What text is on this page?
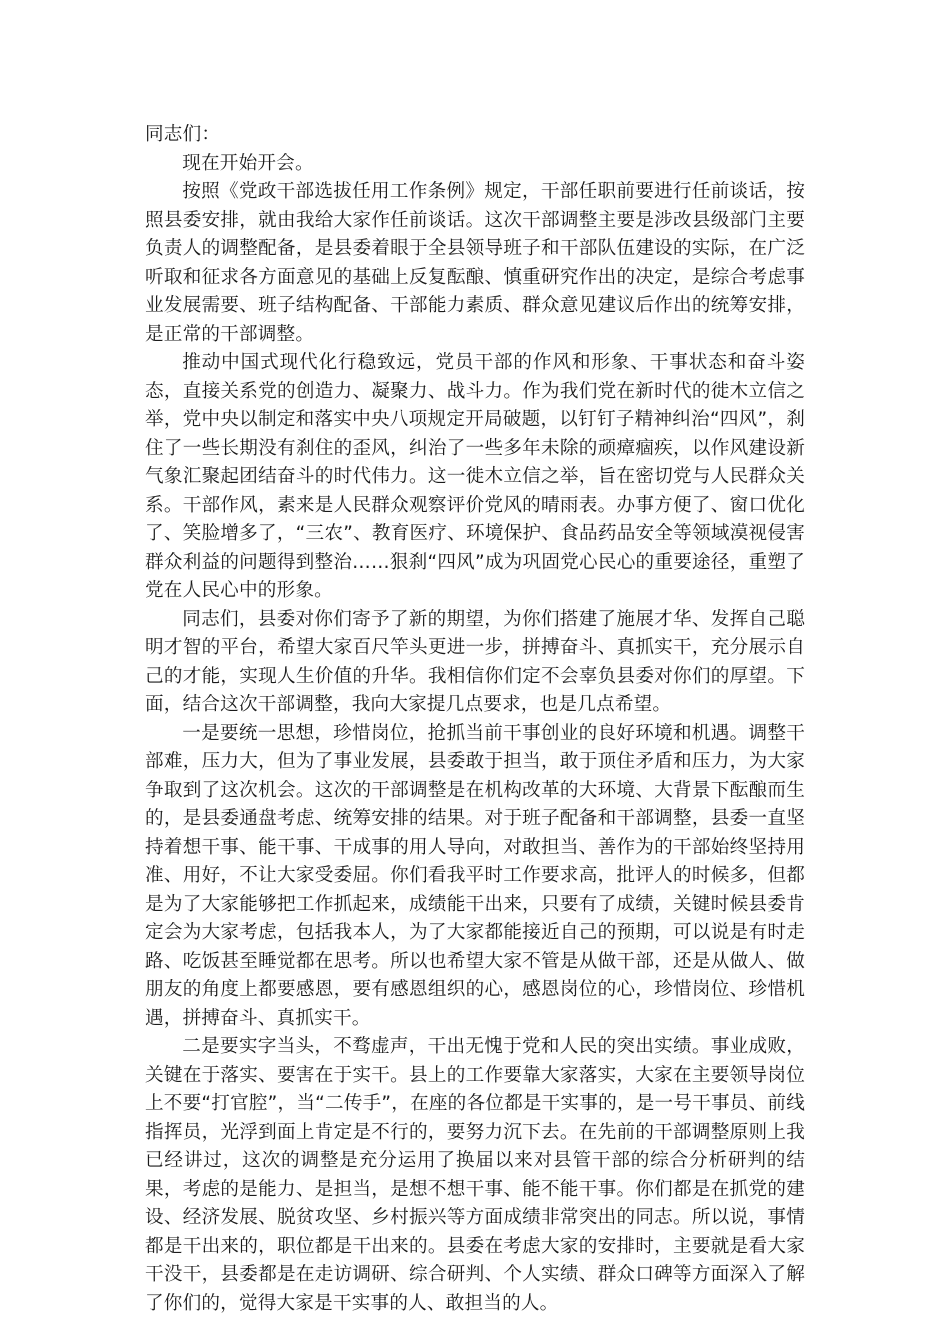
同志们：

现在开始开会。

按照《党政干部选拔任用工作条例》规定，干部任职前要进行任前谈话，按照县委安排，就由我给大家作任前谈话。这次干部调整主要是涉改县级部门主要负责人的调整配备，是县委着眼于全县领导班子和干部队伍建设的实际，在广泛听取和征求各方面意见的基础上反复酝酿、慎重研究作出的决定，是综合考虑事业发展需要、班子结构配备、干部能力素质、群众意见建议后作出的统筹安排，是正常的干部调整。

推动中国式现代化行稳致远，党员干部的作风和形象、干事状态和奋斗姿态，直接关系党的创造力、凝聚力、战斗力。作为我们党在新时代的徙木立信之举，党中央以制定和落实中央八项规定开局破题，以钉钉子精神纠治“四风”，刹住了一些长期没有刹住的歪风，纠治了一些多年未除的顽瘴痼疾，以作风建设新气象汇聚起团结奋斗的时代伟力。这一徙木立信之举，旨在密切党与人民群众关系。干部作风，素来是人民群众观察评价党风的晴雨表。办事方便了、窗口优化了、笑脸增多了，“三农”、教育医疗、环境保护、食品药品安全等领域漠视侵害群众利益的问题得到整治……狠刹“四风”成为巩固党心民心的重要途径，重塑了党在人民心中的形象。

同志们，县委对你们寄予了新的期望，为你们搭建了施展才华、发挥自己聪明才智的平台，希望大家百尺竿头更进一步，拼搏奋斗、真抓实干，充分展示自己的才能，实现人生价值的升华。我相信你们定不会辜负县委对你们的厚望。下面，结合这次干部调整，我向大家提几点要求，也是几点希望。

一是要统一思想，珍惜岗位，抢抓当前干事创业的良好环境和机遇。调整干部难，压力大，但为了事业发展，县委敢于担当，敢于顶住矛盾和压力，为大家争取到了这次机会。这次的干部调整是在机构改革的大环境、大背景下酝酿而生的，是县委通盘考虑、统筹安排的结果。对于班子配备和干部调整，县委一直坚持着想干事、能干事、干成事的用人导向，对敢担当、善作为的干部始终坚持用准、用好，不让大家受委屈。你们看我平时工作要求高，批评人的时候多，但都是为了大家能够把工作抓起来，成绩能干出来，只要有了成绩，关键时候县委肯定会为大家考虑，包括我本人，为了大家都能接近自己的预期，可以说是有时走路、吃饭甚至睡觉都在思考。所以也希望大家不管是从做干部，还是从做人、做朋友的角度上都要感恩，要有感恩组织的心，感恩岗位的心，珍惜岗位、珍惜机遇，拼搏奋斗、真抓实干。

二是要实字当头，不骛虚声，干出无愧于党和人民的突出实绩。事业成败，关键在于落实、要害在于实干。县上的工作要靠大家落实，大家在主要领导岗位上不要“打官腔”，当“二传手”，在座的各位都是干实事的，是一号干事员、前线指挥员，光浮到面上肯定是不行的，要努力沉下去。在先前的干部调整原则上我已经讲过，这次的调整是充分运用了换届以来对县管干部的综合分析研判的结果，考虑的是能力、是担当，是想不想干事、能不能干事。你们都是在抓党的建设、经济发展、脱贫攻坚、乡村振兴等方面成绩非常突出的同志。所以说，事情都是干出来的，职位都是干出来的。县委在考虑大家的安排时，主要就是看大家干没干，县委都是在走访调研、综合研判、个人实绩、群众口碑等方面深入了解了你们的，觉得大家是干实事的人、敢担当的人。
